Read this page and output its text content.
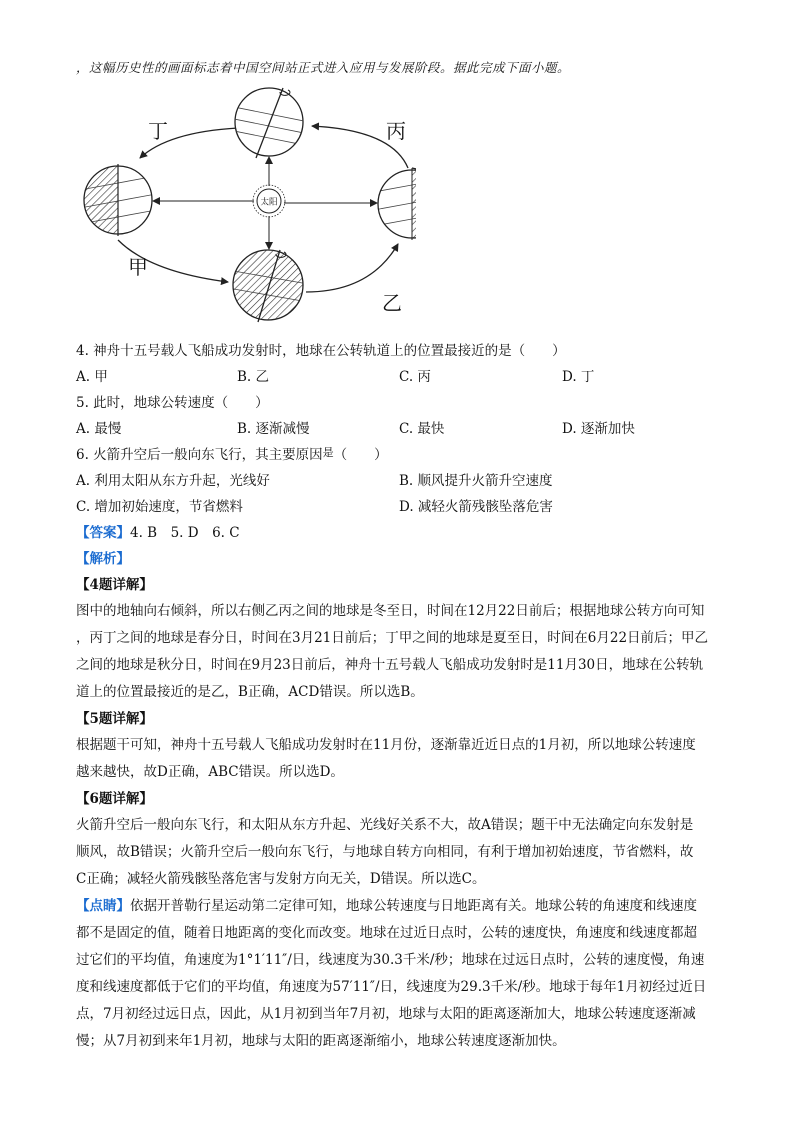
，这幅历史性的画面标志着中国空间站正式进入应用与发展阶段。据此完成下面小题。
太阳
丁	丙
甲
乙
4. 神舟十五号载人飞船成功发射时，地球在公转轨道上的位置最接近的是（　　）
A. 甲	B. 乙	C. 丙	D. 丁
5. 此时，地球公转速度（　　）
A. 最慢	B. 逐渐减慢	C. 最快	D. 逐渐加快
6. 火箭升空后一般向东飞行，其主要原因$^是$（　　）
A. 利用太阳从东方升起，光线好	B. 顺风提升火箭升空速度
C. 增加初始速度，节省燃料	D. 减轻火箭残骸坠落危害
【答案】4. B　5. D　6. C
【解析】
【4题详解】
图中的地轴向右倾斜，所以右侧乙丙之间的地球是冬至日，时间在12月22日前后；根据地球公转方向可知
，丙丁之间的地球是春分日，时间在3月21日前后；丁甲之间的地球是夏至日，时间在6月22日前后；甲乙
之间的地球是秋分日，时间在9月23日前后，神舟十五号载人飞船成功发射时是11月30日，地球在公转轨
道上的位置最接近的是乙，B正确，ACD错误。所以选B。
【5题详解】
根据题干可知，神舟十五号载人飞船成功发射时在11月份，逐渐靠近近日点的1月初，所以地球公转速度
越来越快，故D正确，ABC错误。所以选D。
【6题详解】
火箭升空后一般向东飞行，和太阳从东方升起、光线好关系不大，故A错误；题干中无法确定向东发射是
顺风，故B错误；火箭升空后一般向东飞行，与地球自转方向相同，有利于增加初始速度，节省燃料，故
C正确；减轻火箭残骸坠落危害与发射方向无关，D错误。所以选C。
【点睛】依据开普勒行星运动第二定律可知，地球公转速度与日地距离有关。地球公转的角速度和线速度
都不是固定的值，随着日地距离的变化而改变。地球在过近日点时，公转的速度快，角速度和线速度都超
过它们的平均值，角速度为1°1′11″/日，线速度为30.3千米/秒；地球在过远日点时，公转的速度慢，角速
度和线速度都低于它们的平均值，角速度为57′11″/日，线速度为29.3千米/秒。地球于每年1月初经过近日
点，7月初经过远日点，因此，从1月初到当年7月初，地球与太阳的距离逐渐加大，地球公转速度逐渐减
慢；从7月初到来年1月初，地球与太阳的距离逐渐缩小，地球公转速度逐渐加快。
